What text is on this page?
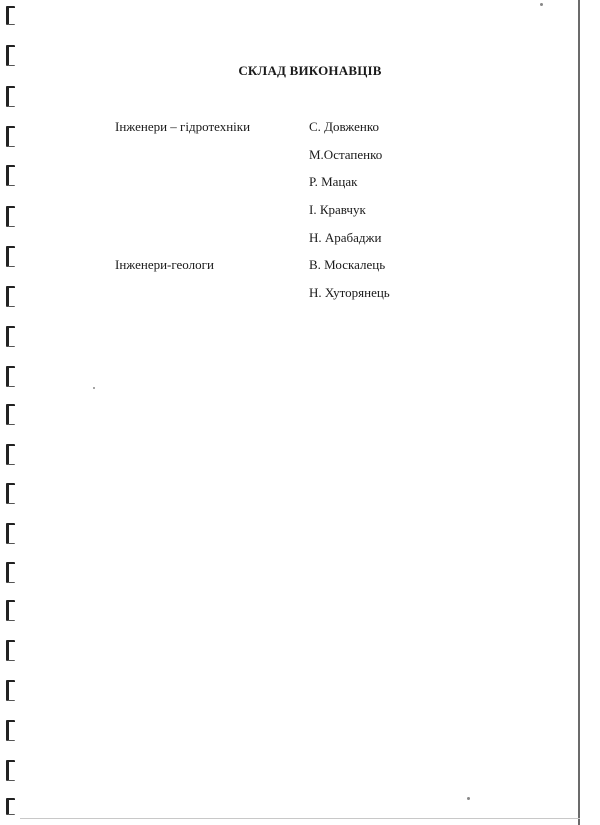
СКЛАД ВИКОНАВЦІВ
Інженери – гідротехніки	С. Довженко
М.Остапенко
Р. Мацак
І. Кравчук
Н. Арабаджи
Інженери-геологи	В. Москалець
Н. Хуторянець
